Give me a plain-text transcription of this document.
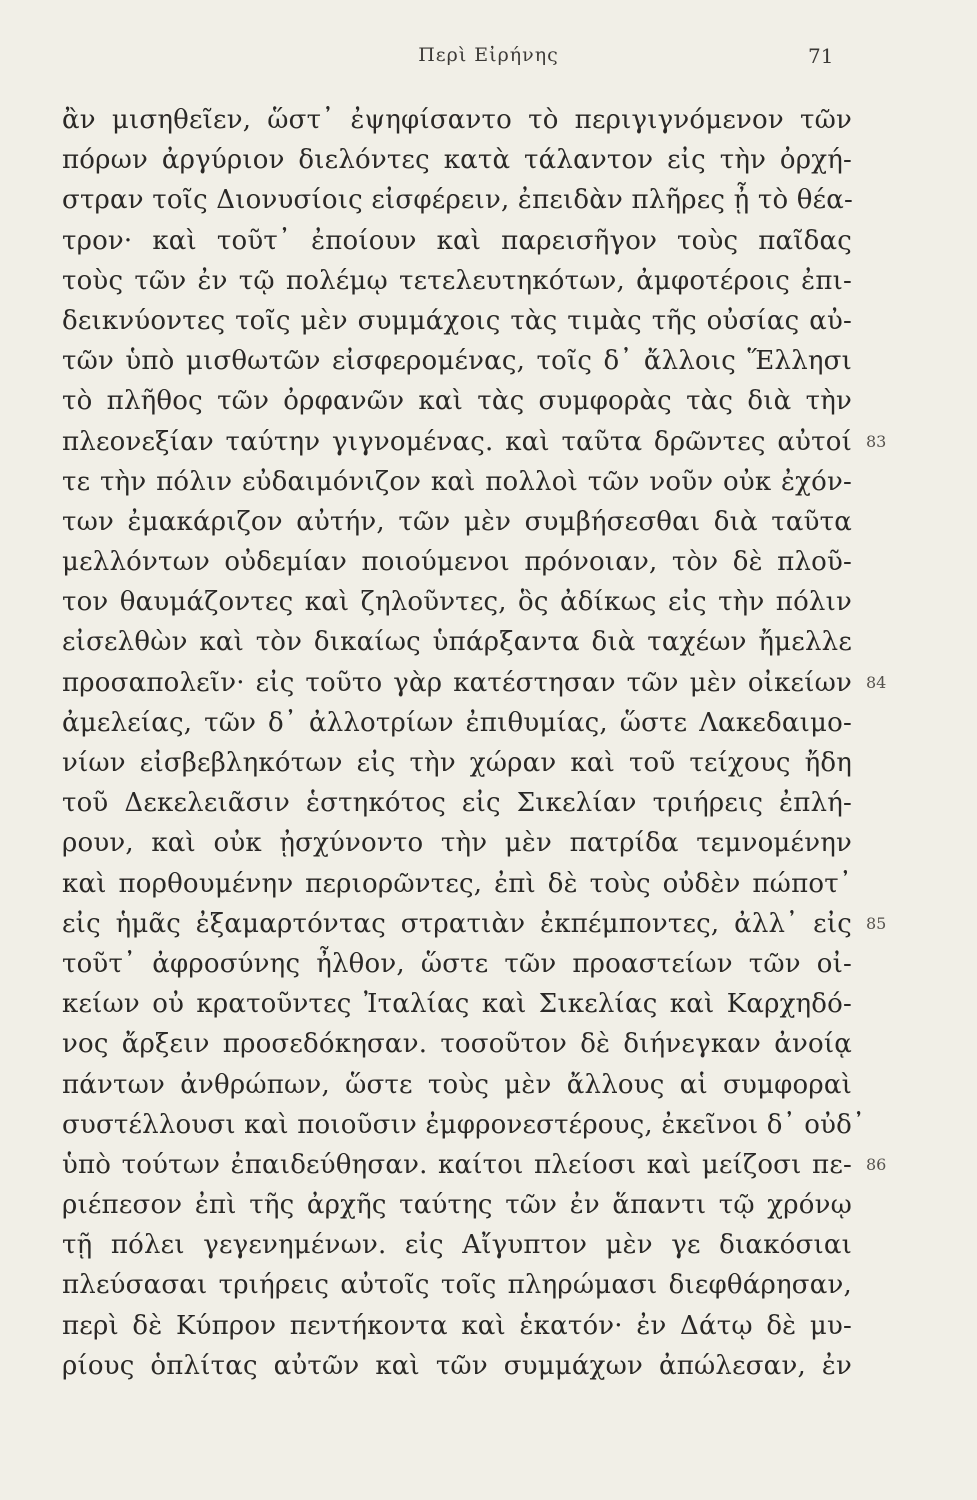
Περὶ Εἰρήνης	71
ἂν μισηθεῖεν, ὥστ᾽ ἐψηφίσαντο τὸ περιγιγνόμενον τῶν
πόρων ἀργύριον διελόντες κατὰ τάλαντον εἰς τὴν ὀρχή-
στραν τοῖς Διονυσίοις εἰσφέρειν, ἐπειδὰν πλῆρες ᾖ τὸ θέα-
τρον· καὶ τοῦτ᾽ ἐποίουν καὶ παρεισῆγον τοὺς παῖδας
τοὺς τῶν ἐν τῷ πολέμῳ τετελευτηκότων, ἀμφοτέροις ἐπι-
δεικνύοντες τοῖς μὲν συμμάχοις τὰς τιμὰς τῆς οὐσίας αὐ-
τῶν ὑπὸ μισθωτῶν εἰσφερομένας, τοῖς δ᾽ ἄλλοις Ἕλλησι
τὸ πλῆθος τῶν ὀρφανῶν καὶ τὰς συμφορὰς τὰς διὰ τὴν
πλεονεξίαν ταύτην γιγνομένας. καὶ ταῦτα δρῶντες αὐτοί
τε τὴν πόλιν εὐδαιμόνιζον καὶ πολλοὶ τῶν νοῦν οὐκ ἐχόν-
των ἐμακάριζον αὐτήν, τῶν μὲν συμβήσεσθαι διὰ ταῦτα
μελλόντων οὐδεμίαν ποιούμενοι πρόνοιαν, τὸν δὲ πλοῦ-
τον θαυμάζοντες καὶ ζηλοῦντες, ὃς ἀδίκως εἰς τὴν πόλιν
εἰσελθὼν καὶ τὸν δικαίως ὑπάρξαντα διὰ ταχέων ἤμελλε
προσαπολεῖν· εἰς τοῦτο γὰρ κατέστησαν τῶν μὲν οἰκείων
ἀμελείας, τῶν δ᾽ ἀλλοτρίων ἐπιθυμίας, ὥστε Λακεδαιμο-
νίων εἰσβεβληκότων εἰς τὴν χώραν καὶ τοῦ τείχους ἤδη
τοῦ Δεκελειᾶσιν ἑστηκότος εἰς Σικελίαν τριήρεις ἐπλή-
ρουν, καὶ οὐκ ᾐσχύνοντο τὴν μὲν πατρίδα τεμνομένην
καὶ πορθουμένην περιορῶντες, ἐπὶ δὲ τοὺς οὐδὲν πώποτ᾽
εἰς ἡμᾶς ἐξαμαρτόντας στρατιὰν ἐκπέμποντες, ἀλλ᾽ εἰς
τοῦτ᾽ ἀφροσύνης ἦλθον, ὥστε τῶν προαστείων τῶν οἰ-
κείων οὐ κρατοῦντες Ἰταλίας καὶ Σικελίας καὶ Καρχηδό-
νος ἄρξειν προσεδόκησαν. τοσοῦτον δὲ διήνεγκαν ἀνοίᾳ
πάντων ἀνθρώπων, ὥστε τοὺς μὲν ἄλλους αἱ συμφοραὶ
συστέλλουσι καὶ ποιοῦσιν ἐμφρονεστέρους, ἐκεῖνοι δ᾽ οὐδ᾽
ὑπὸ τούτων ἐπαιδεύθησαν. καίτοι πλείοσι καὶ μείζοσι πε-
ριέπεσον ἐπὶ τῆς ἀρχῆς ταύτης τῶν ἐν ἅπαντι τῷ χρόνῳ
τῇ πόλει γεγενημένων. εἰς Αἴγυπτον μὲν γε διακόσιαι
πλεύσασαι τριήρεις αὐτοῖς τοῖς πληρώμασι διεφθάρησαν,
περὶ δὲ Κύπρον πεντήκοντα καὶ ἑκατόν· ἐν Δάτῳ δὲ μυ-
ρίους ὁπλίτας αὐτῶν καὶ τῶν συμμάχων ἀπώλεσαν, ἐν
83
84
85
86
